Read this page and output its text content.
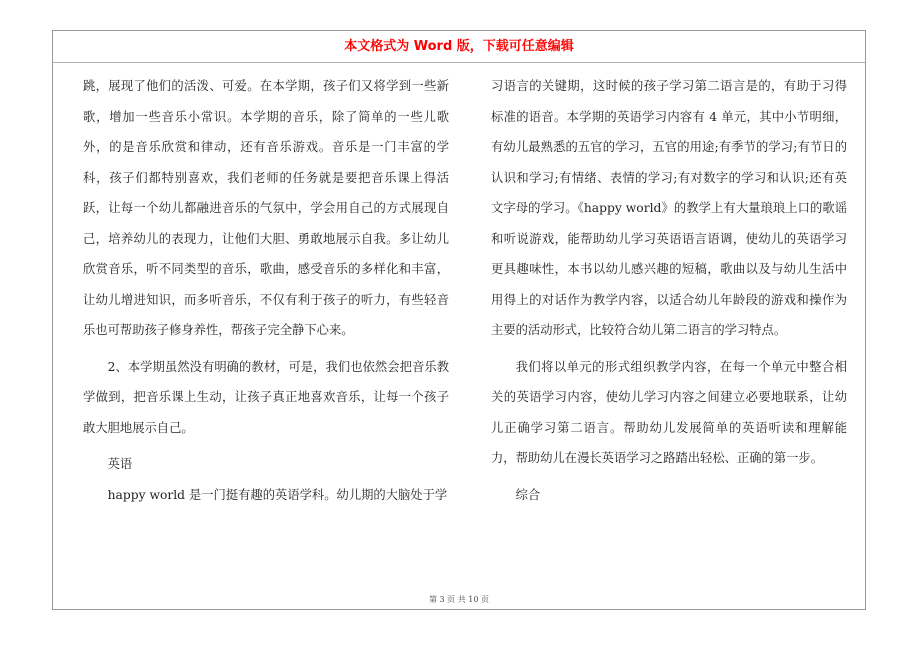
本文格式为 Word 版，下载可任意编辑

跳，展现了他们的活泼、可爱。在本学期，孩子们又将学到一些新歌，增加一些音乐小常识。本学期的音乐，除了简单的一些儿歌外，的是音乐欣赏和律动，还有音乐游戏。音乐是一门丰富的学科，孩子们都特别喜欢，我们老师的任务就是要把音乐课上得活跃，让每一个幼儿都融进音乐的气氛中，学会用自己的方式展现自己，培养幼儿的表现力，让他们大胆、勇敢地展示自我。多让幼儿欣赏音乐，听不同类型的音乐，歌曲，感受音乐的多样化和丰富，让幼儿增进知识，而多听音乐，不仅有利于孩子的听力，有些轻音乐也可帮助孩子修身养性，帮孩子完全静下心来。

2、本学期虽然没有明确的教材，可是，我们也依然会把音乐教学做到，把音乐课上生动，让孩子真正地喜欢音乐，让每一个孩子敢大胆地展示自己。

英语

happy world 是一门挺有趣的英语学科。幼儿期的大脑处于学

习语言的关键期，这时候的孩子学习第二语言是的，有助于习得标准的语音。本学期的英语学习内容有 4 单元，其中小节明细，有幼儿最熟悉的五官的学习，五官的用途;有季节的学习;有节日的认识和学习;有情绪、表情的学习;有对数字的学习和认识;还有英文字母的学习。《happy world》的教学上有大量琅琅上口的歌谣和听说游戏，能帮助幼儿学习英语语言语调，使幼儿的英语学习更具趣味性，本书以幼儿感兴趣的短稿，歌曲以及与幼儿生活中用得上的对话作为教学内容，以适合幼儿年龄段的游戏和操作为主要的活动形式，比较符合幼儿第二语言的学习特点。

我们将以单元的形式组织教学内容，在每一个单元中整合相关的英语学习内容，使幼儿学习内容之间建立必要地联系，让幼儿正确学习第二语言。帮助幼儿发展简单的英语听读和理解能力，帮助幼儿在漫长英语学习之路踏出轻松、正确的第一步。

综合

第 3 页 共 10 页
